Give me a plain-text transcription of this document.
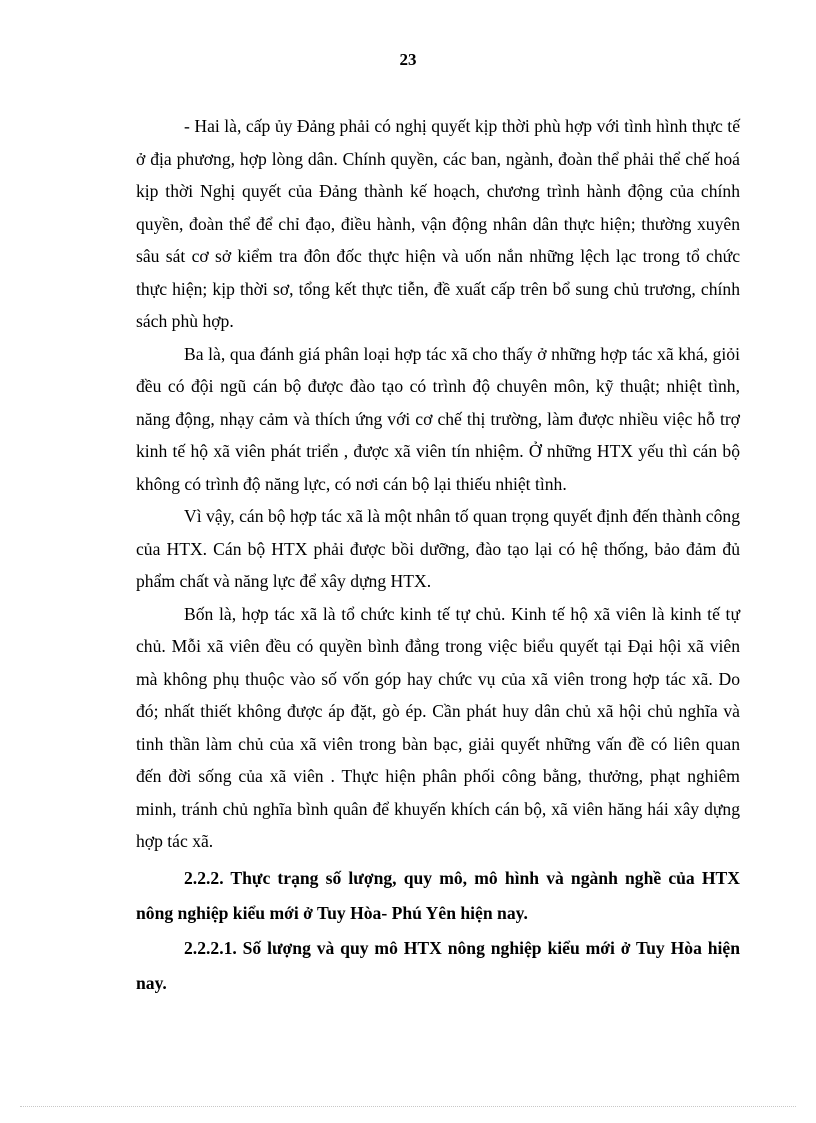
23

- Hai là, cấp ủy Đảng phải có nghị quyết kịp thời phù hợp với tình hình thực tế ở địa phương, hợp lòng dân. Chính quyền, các ban, ngành, đoàn thể phải thể chế hoá kịp thời Nghị quyết của Đảng thành kế hoạch, chương trình hành động của chính quyền, đoàn thể để chỉ đạo, điều hành, vận động nhân dân thực hiện; thường xuyên sâu sát cơ sở kiểm tra đôn đốc thực hiện và uốn nắn những lệch lạc trong tổ chức thực hiện; kịp thời sơ, tổng kết thực tiễn, đề xuất cấp trên bổ sung chủ trương, chính sách phù hợp.

Ba là, qua đánh giá phân loại hợp tác xã cho thấy ở những hợp tác xã khá, giỏi đều có đội ngũ cán bộ được đào tạo có trình độ chuyên môn, kỹ thuật; nhiệt tình, năng động, nhạy cảm và thích ứng với cơ chế thị trường, làm được nhiều việc hỗ trợ kinh tế hộ xã viên phát triển , được xã viên tín nhiệm. Ở những HTX yếu thì cán bộ không có trình độ năng lực, có nơi cán bộ lại thiếu nhiệt tình.

Vì vậy, cán bộ hợp tác xã là một nhân tố quan trọng quyết định đến thành công của HTX. Cán bộ HTX phải được bồi dưỡng, đào tạo lại có hệ thống, bảo đảm đủ phẩm chất và năng lực để xây dựng HTX.

Bốn là, hợp tác xã là tổ chức kinh tế tự chủ. Kinh tế hộ xã viên là kinh tế tự chủ. Mỗi xã viên đều có quyền bình đẳng trong việc biểu quyết tại Đại hội xã viên mà không phụ thuộc vào số vốn góp hay chức vụ của xã viên trong hợp tác xã. Do đó; nhất thiết không được áp đặt, gò ép. Cần phát huy dân chủ xã hội chủ nghĩa và tinh thần làm chủ của xã viên trong bàn bạc, giải quyết những vấn đề có liên quan đến đời sống của xã viên . Thực hiện phân phối công bằng, thưởng, phạt nghiêm minh, tránh chủ nghĩa bình quân để khuyến khích cán bộ, xã viên hăng hái xây dựng hợp tác xã.

2.2.2. Thực trạng số lượng, quy mô, mô hình và ngành nghề của HTX nông nghiệp kiểu mới ở Tuy Hòa- Phú Yên hiện nay.

2.2.2.1. Số lượng và quy mô HTX nông nghiệp kiểu mới ở Tuy Hòa hiện nay.
